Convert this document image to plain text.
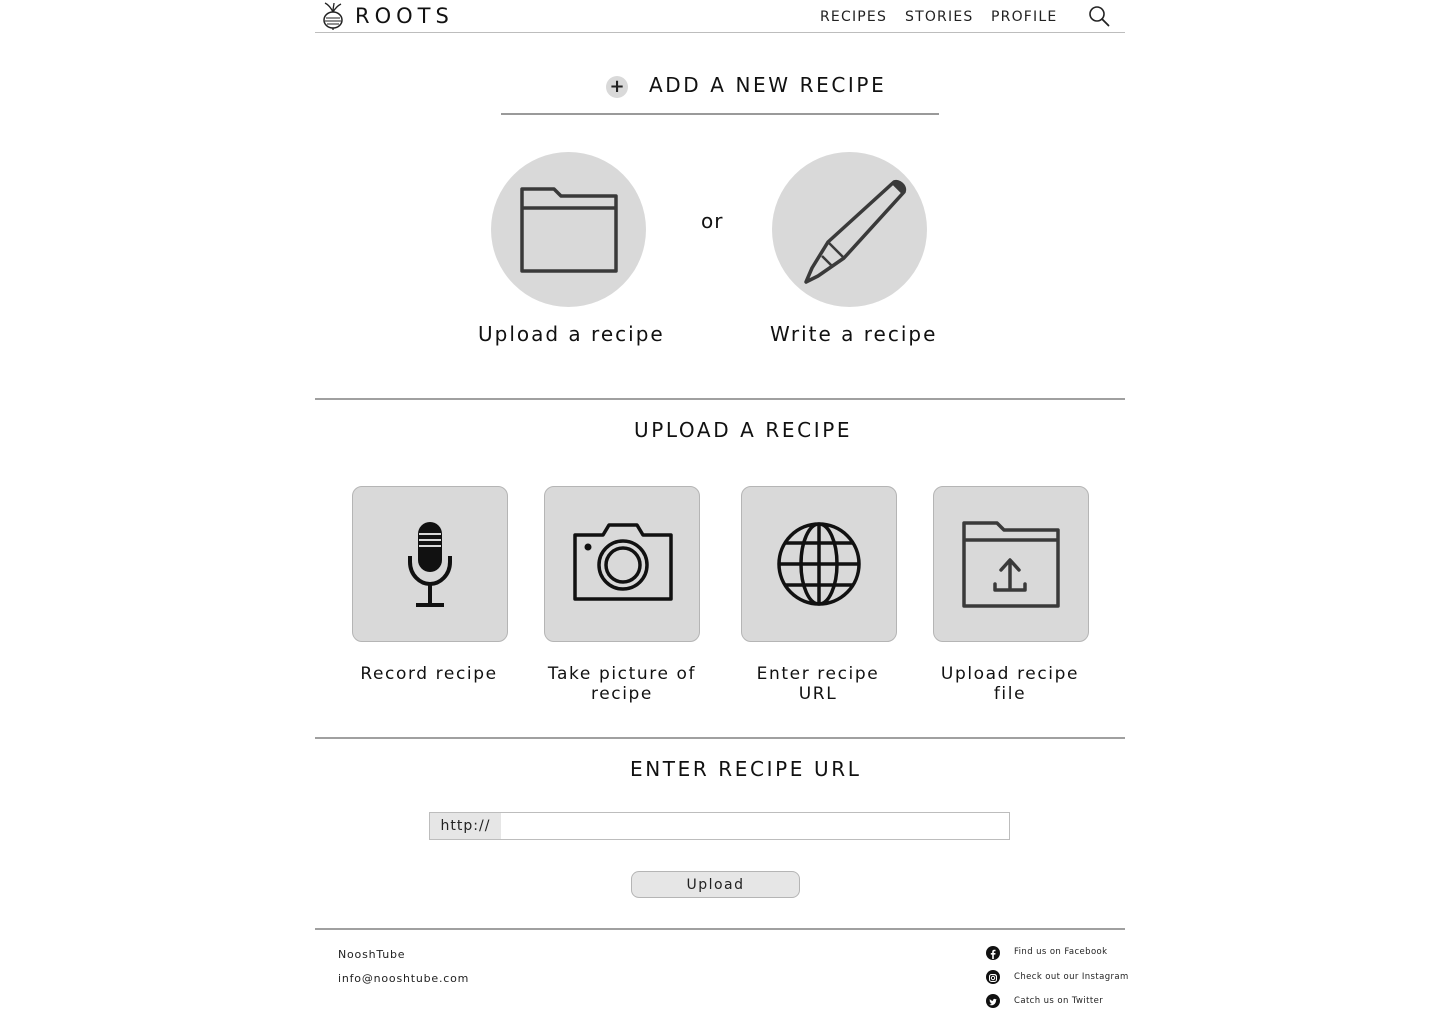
ROOTS	RECIPES STORIES PROFILE
+ ADD A NEW RECIPE
Upload a recipe
or
Write a recipe
UPLOAD A RECIPE
Record recipe	Take picture of
recipe
Enter recipe
URL
Upload recipe
file
ENTER RECIPE URL
http://
Upload
NooshTube
info@nooshtube.com
Find us on Facebook
Check out our Instagram
Catch us on Twitter
